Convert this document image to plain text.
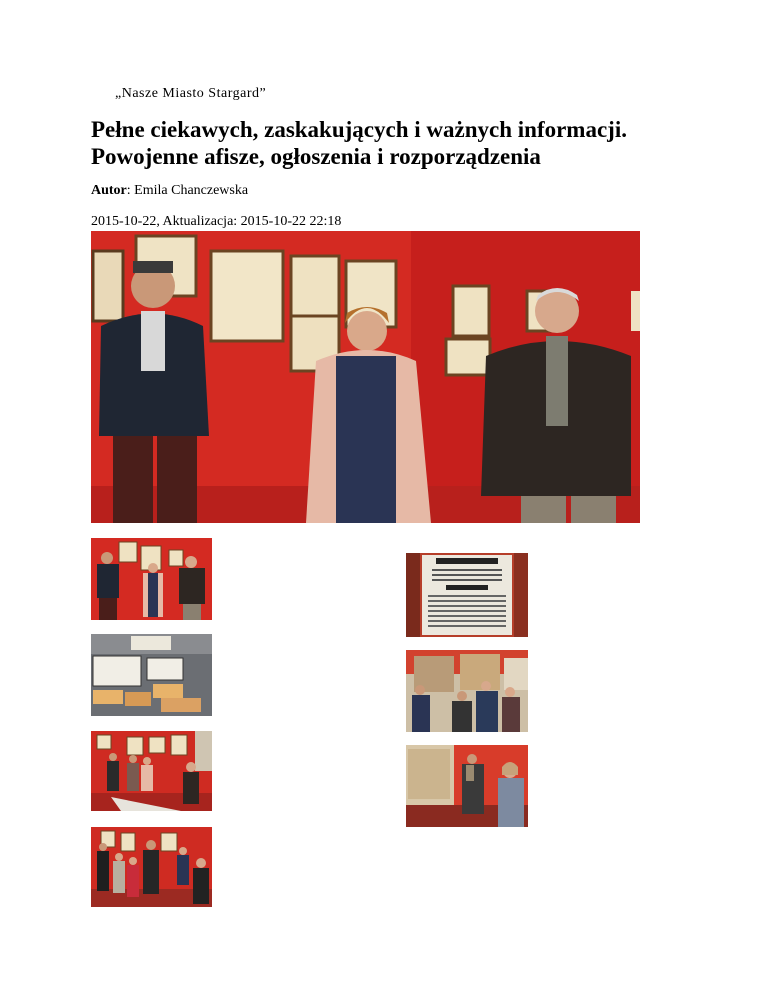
„Nasze Miasto Stargard”
Pełne ciekawych, zaskakujących i ważnych informacji. Powojenne afisze, ogłoszenia i rozporządzenia
Autor: Emila Chanczewska
2015-10-22, Aktualizacja: 2015-10-22 22:18
